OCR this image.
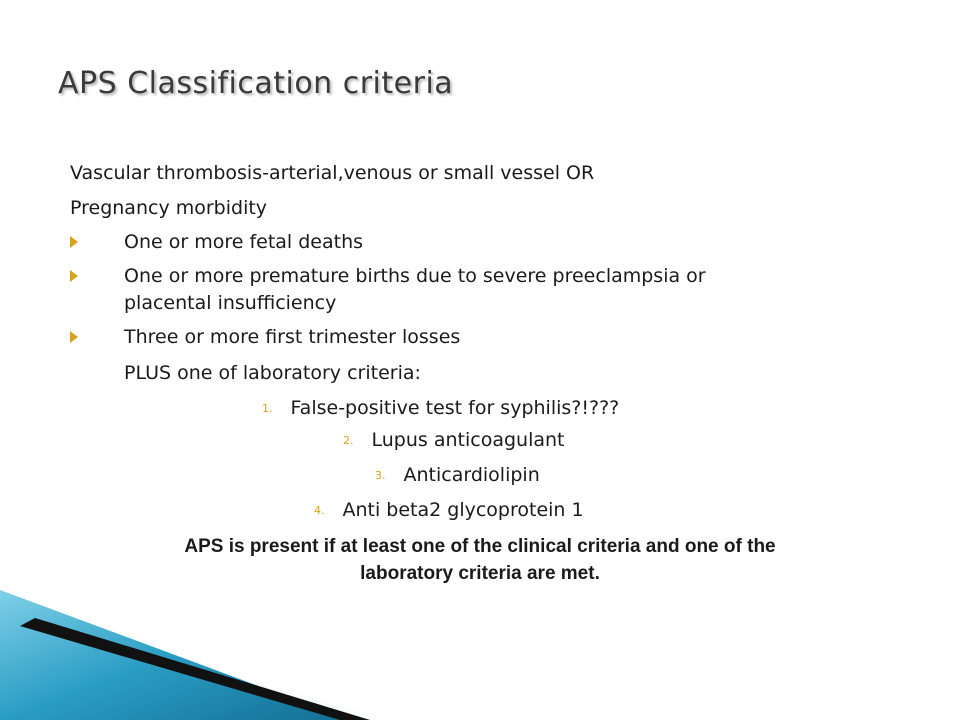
APS Classification criteria
Vascular thrombosis-arterial,venous or small vessel OR
Pregnancy morbidity
One or more fetal deaths
One or more premature births due to severe preeclampsia or
placental insufficiency
Three or more first trimester losses
PLUS one of laboratory criteria:
1. False-positive test for syphilis?!???
2. Lupus anticoagulant
3. Anticardiolipin
4. Anti beta2 glycoprotein 1
APS is present if at least one of the clinical criteria and one of the
laboratory criteria are met.
